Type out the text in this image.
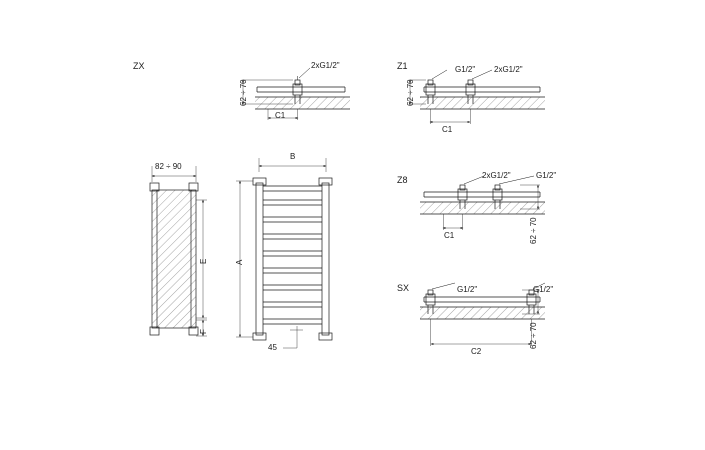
ZX	Z1
Z8
SX
2xG1/2"
62 ÷ 70
C1
G1/2" 2xG1/2"
62 ÷ 70
C1
2xG1/2"	G1/2"
62 ÷ 70
C1
G1/2"	G1/2"
62 ÷ 70
C2
82 ÷ 90
E
F
B
A
45
